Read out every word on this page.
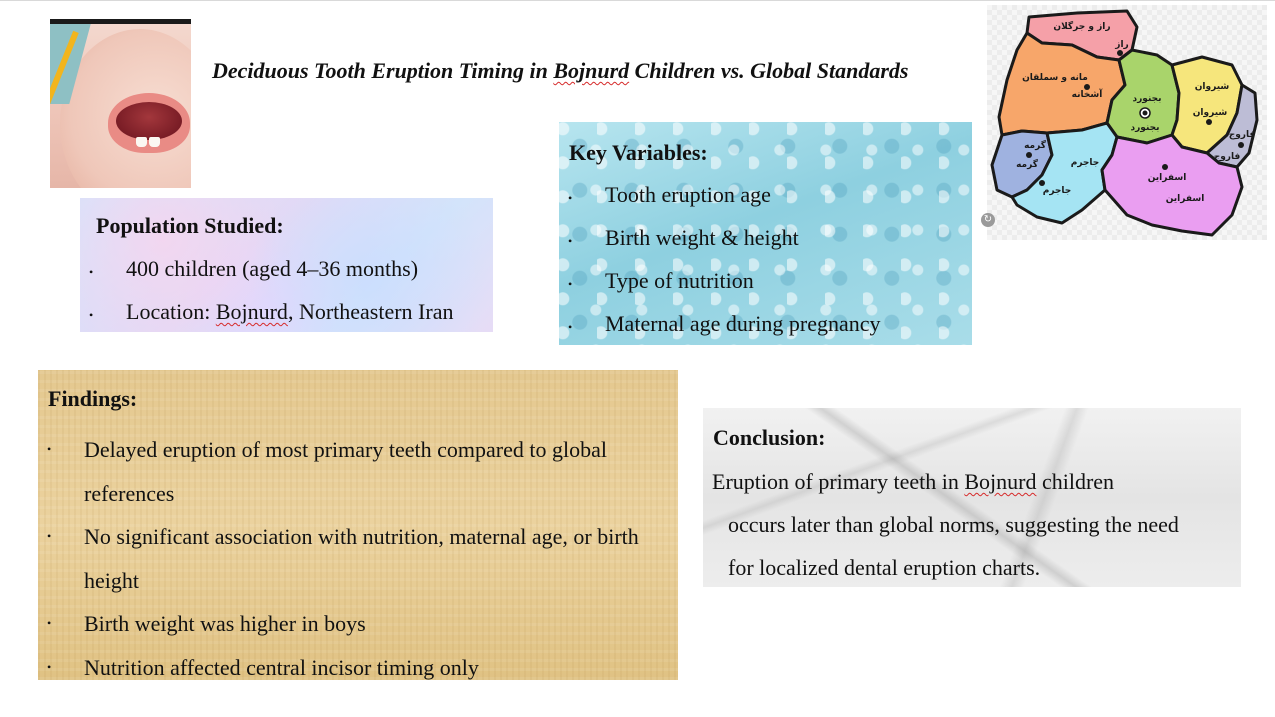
Deciduous Tooth Eruption Timing in Bojnurd Children vs. Global Standards
راز و جرگلان
راز
مانه و سملقان
آشخانه	بجنورد
بجنورد
شیروان
شیروان
فاروج
فاروج
گرمه
گرمه	جاجرم
جاجرم
اسفراین
اسفراین
↻
Population Studied:
• 400 children (aged 4–36 months)
• Location: Bojnurd, Northeastern Iran
Key Variables:
• Tooth eruption age
• Birth weight & height
• Type of nutrition
• Maternal age during pregnancy
Findings:
• Delayed eruption of most primary teeth compared to global references
• No significant association with nutrition, maternal age, or birth height
• Birth weight was higher in boys
• Nutrition affected central incisor timing only
Conclusion:
Eruption of primary teeth in Bojnurd children
occurs later than global norms, suggesting the need
for localized dental eruption charts.
